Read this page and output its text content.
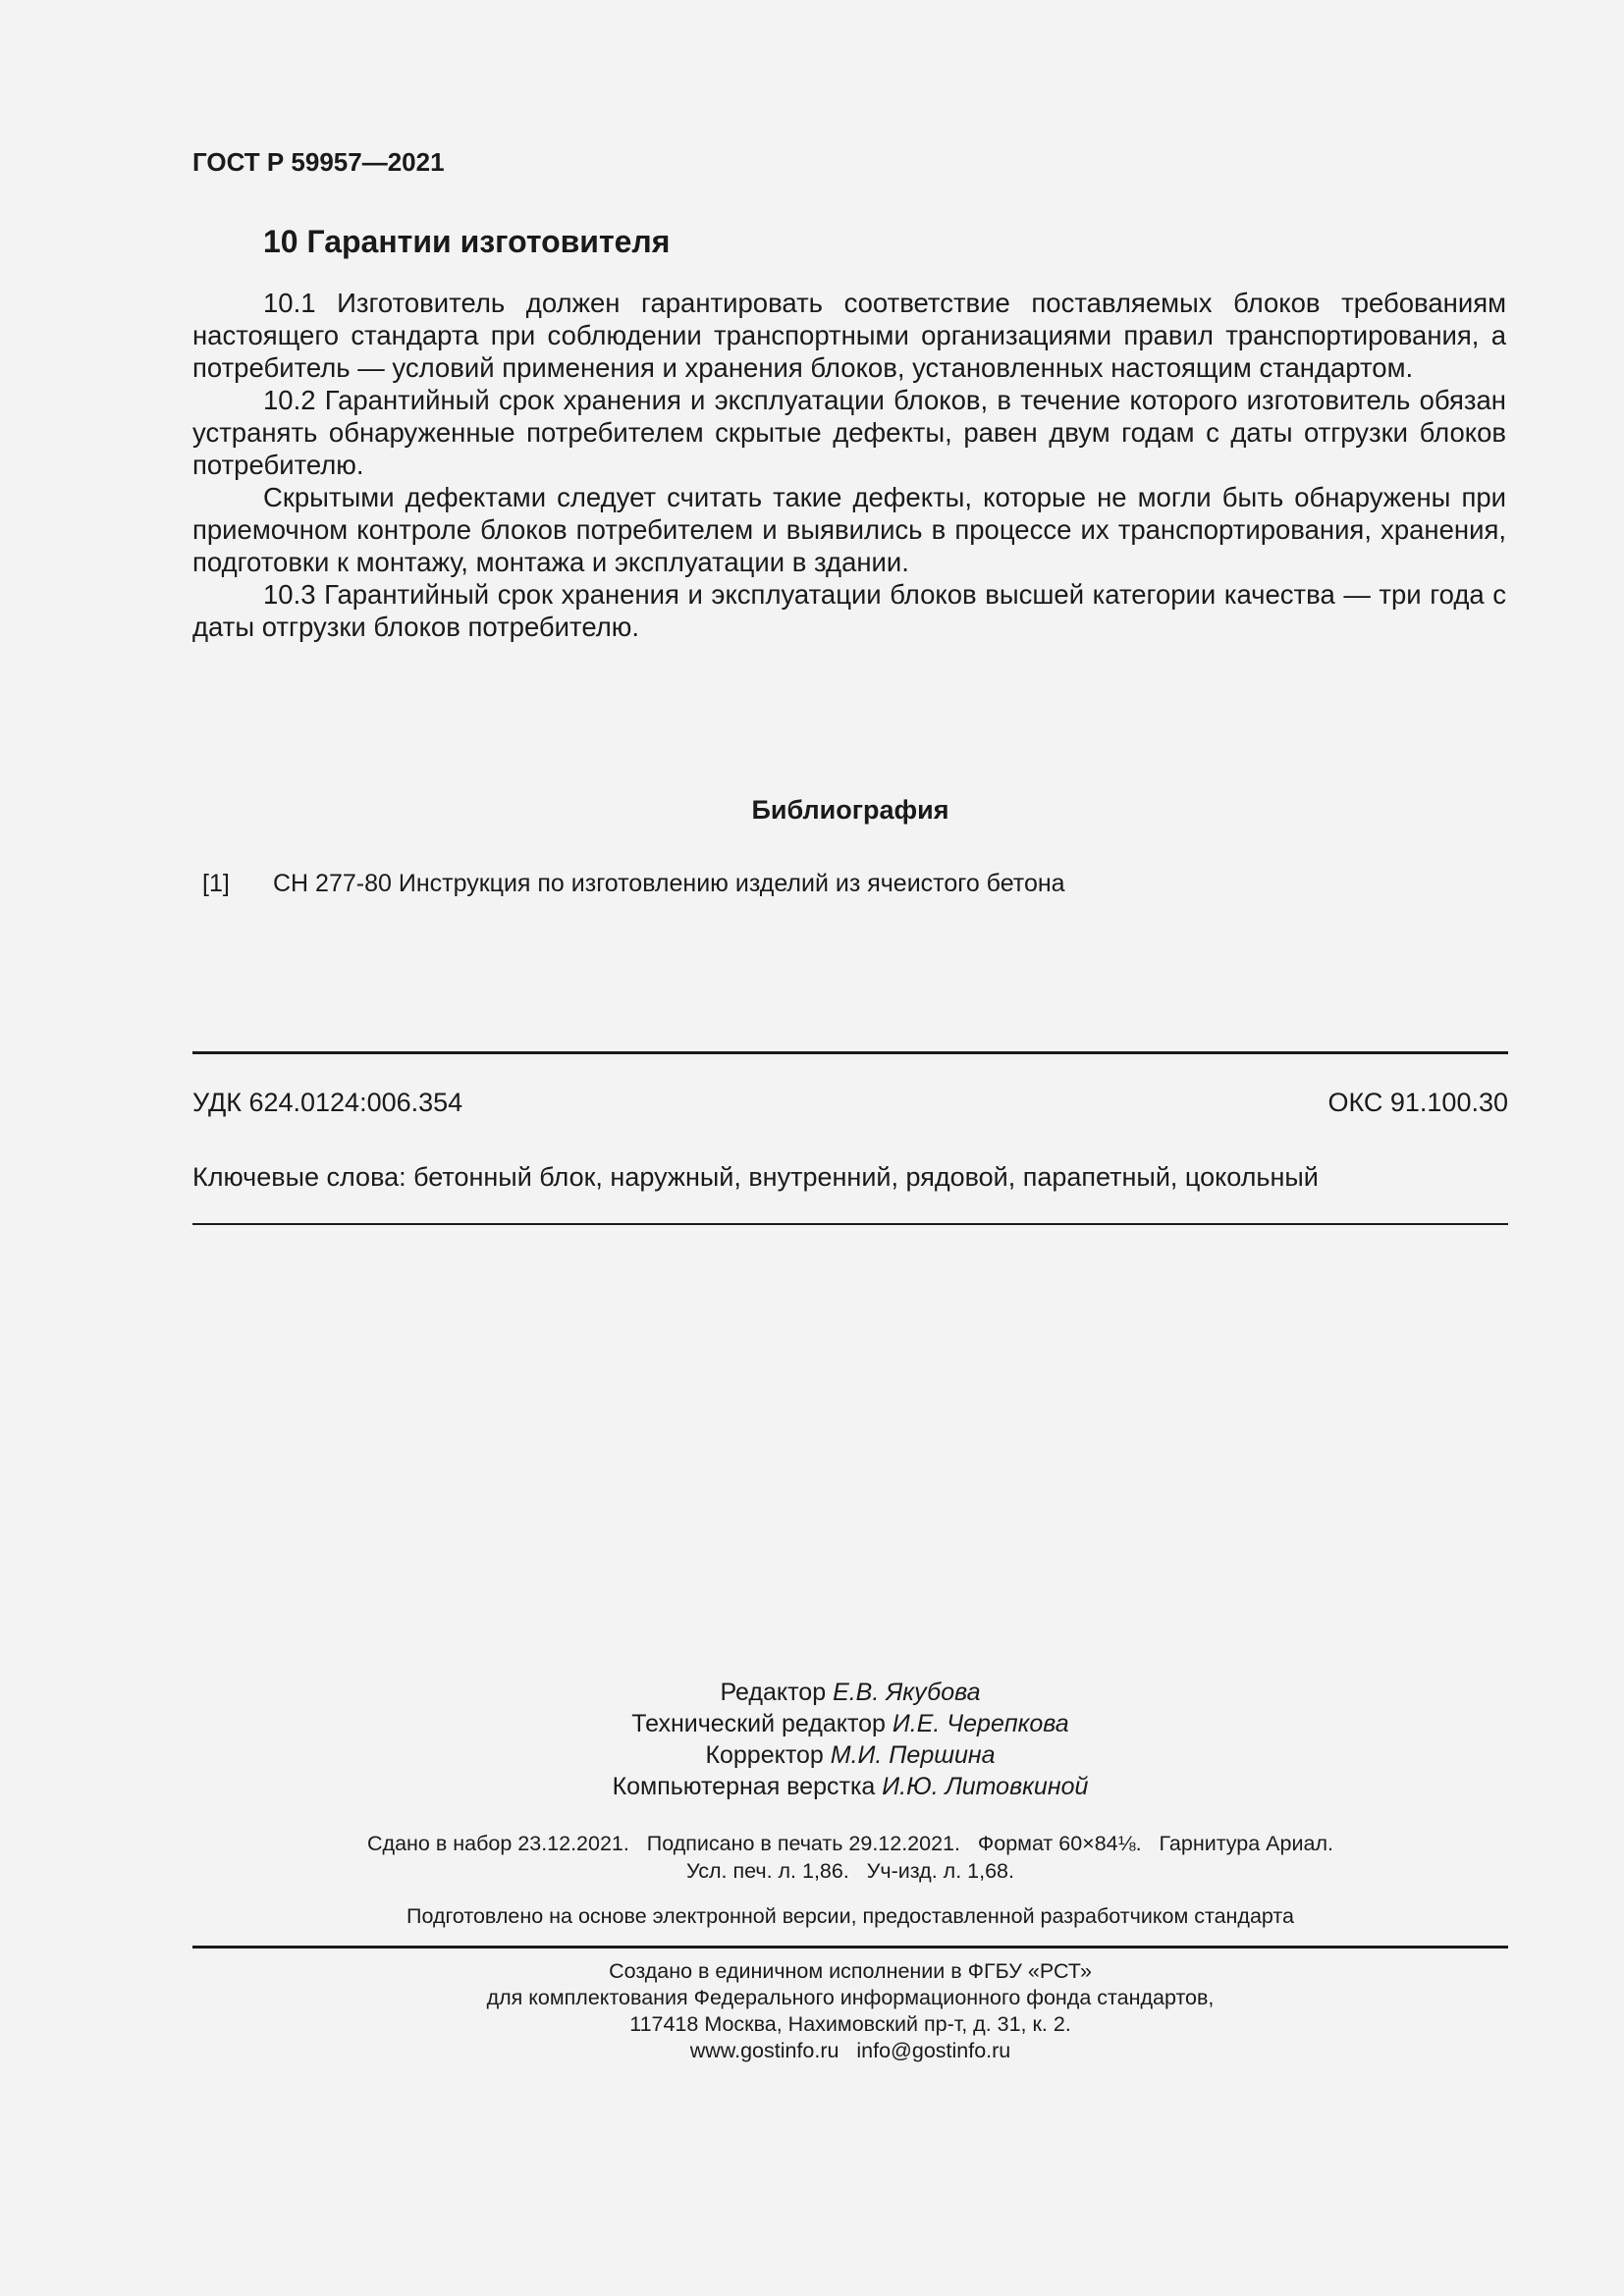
ГОСТ Р 59957—2021
10 Гарантии изготовителя

10.1 Изготовитель должен гарантировать соответствие поставляемых блоков требованиям настоящего стандарта при соблюдении транспортными организациями правил транспортирования, а потребитель — условий применения и хранения блоков, установленных настоящим стандартом.

10.2 Гарантийный срок хранения и эксплуатации блоков, в течение которого изготовитель обязан устранять обнаруженные потребителем скрытые дефекты, равен двум годам с даты отгрузки блоков потребителю.

Скрытыми дефектами следует считать такие дефекты, которые не могли быть обнаружены при приемочном контроле блоков потребителем и выявились в процессе их транспортирования, хранения, подготовки к монтажу, монтажа и эксплуатации в здании.

10.3 Гарантийный срок хранения и эксплуатации блоков высшей категории качества — три года с даты отгрузки блоков потребителю.

Библиография
[1] СН 277-80 Инструкция по изготовлению изделий из ячеистого бетона
УДК 624.0124:006.354	ОКС 91.100.30
Ключевые слова: бетонный блок, наружный, внутренний, рядовой, парапетный, цокольный
Редактор Е.В. Якубова
Технический редактор И.Е. Черепкова
Корректор М.И. Першина
Компьютерная верстка И.Ю. Литовкиной
Сдано в набор 23.12.2021.   Подписано в печать 29.12.2021.   Формат 60×84⅛.   Гарнитура Ариал.
Усл. печ. л. 1,86.   Уч-изд. л. 1,68.
Подготовлено на основе электронной версии, предоставленной разработчиком стандарта
Создано в единичном исполнении в ФГБУ «РСТ»
для комплектования Федерального информационного фонда стандартов,
117418 Москва, Нахимовский пр-т, д. 31, к. 2.
www.gostinfo.ru   info@gostinfo.ru
